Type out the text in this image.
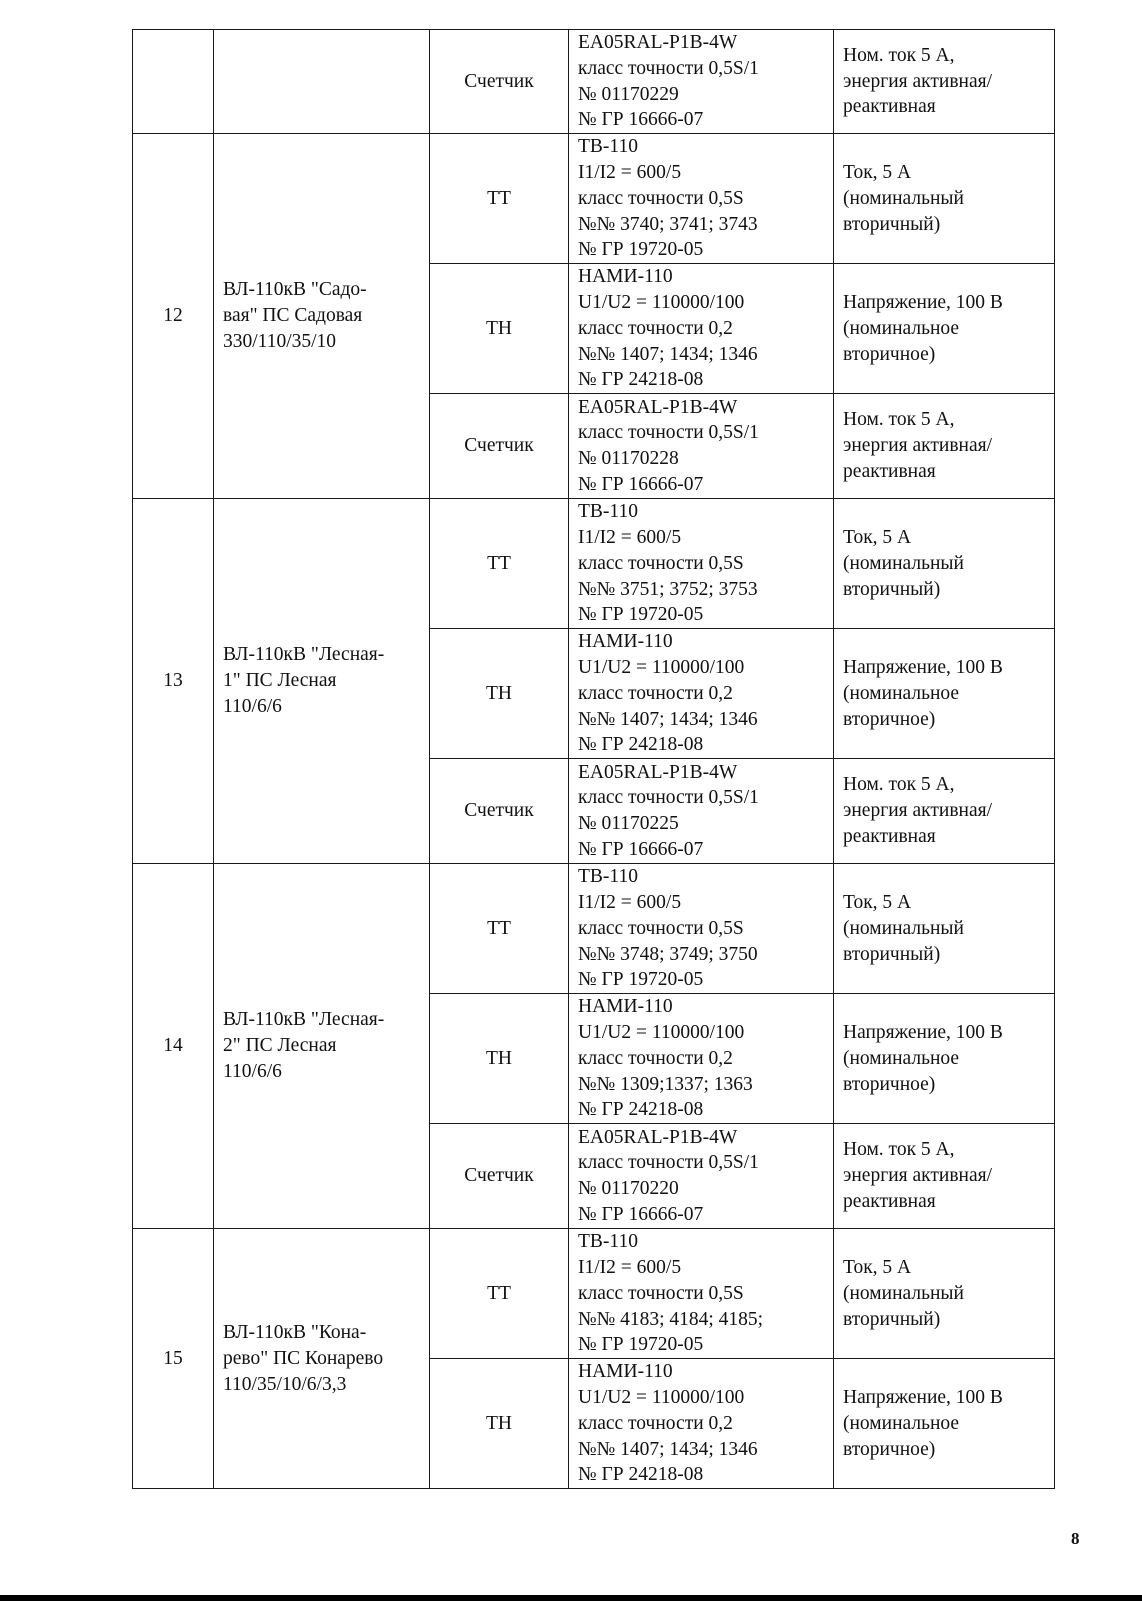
		Счетчик	EA05RAL-P1B-4W
класс точности 0,5S/1
№ 01170229
№ ГР 16666-07	Ном. ток 5 А,
энергия активная/
реактивная

12	ВЛ-110кВ "Садо-
вая" ПС Садовая
330/110/35/10	ТТ	ТВ-110
I1/I2 = 600/5
класс точности 0,5S
№№ 3740; 3741; 3743
№ ГР 19720-05	Ток, 5 А
(номинальный
вторичный)

		ТН	НАМИ-110
U1/U2 = 110000/100
класс точности 0,2
№№ 1407; 1434; 1346
№ ГР 24218-08	Напряжение, 100 В
(номинальное
вторичное)

		Счетчик	EA05RAL-P1B-4W
класс точности 0,5S/1
№ 01170228
№ ГР 16666-07	Ном. ток 5 А,
энергия активная/
реактивная

13	ВЛ-110кВ "Лесная-
1" ПС Лесная
110/6/6	ТТ	ТВ-110
I1/I2 = 600/5
класс точности 0,5S
№№ 3751; 3752; 3753
№ ГР 19720-05	Ток, 5 А
(номинальный
вторичный)

		ТН	НАМИ-110
U1/U2 = 110000/100
класс точности 0,2
№№ 1407; 1434; 1346
№ ГР 24218-08	Напряжение, 100 В
(номинальное
вторичное)

		Счетчик	EA05RAL-P1B-4W
класс точности 0,5S/1
№ 01170225
№ ГР 16666-07	Ном. ток 5 А,
энергия активная/
реактивная

14	ВЛ-110кВ "Лесная-
2" ПС Лесная
110/6/6	ТТ	ТВ-110
I1/I2 = 600/5
класс точности 0,5S
№№ 3748; 3749; 3750
№ ГР 19720-05	Ток, 5 А
(номинальный
вторичный)

		ТН	НАМИ-110
U1/U2 = 110000/100
класс точности 0,2
№№ 1309;1337; 1363
№ ГР 24218-08	Напряжение, 100 В
(номинальное
вторичное)

		Счетчик	EA05RAL-P1B-4W
класс точности 0,5S/1
№ 01170220
№ ГР 16666-07	Ном. ток 5 А,
энергия активная/
реактивная

15	ВЛ-110кВ "Кона-
рево" ПС Конарево
110/35/10/6/3,3	ТТ	ТВ-110
I1/I2 = 600/5
класс точности 0,5S
№№ 4183; 4184; 4185;
№ ГР 19720-05	Ток, 5 А
(номинальный
вторичный)

		ТН	НАМИ-110
U1/U2 = 110000/100
класс точности 0,2
№№ 1407; 1434; 1346
№ ГР 24218-08	Напряжение, 100 В
(номинальное
вторичное)
8
